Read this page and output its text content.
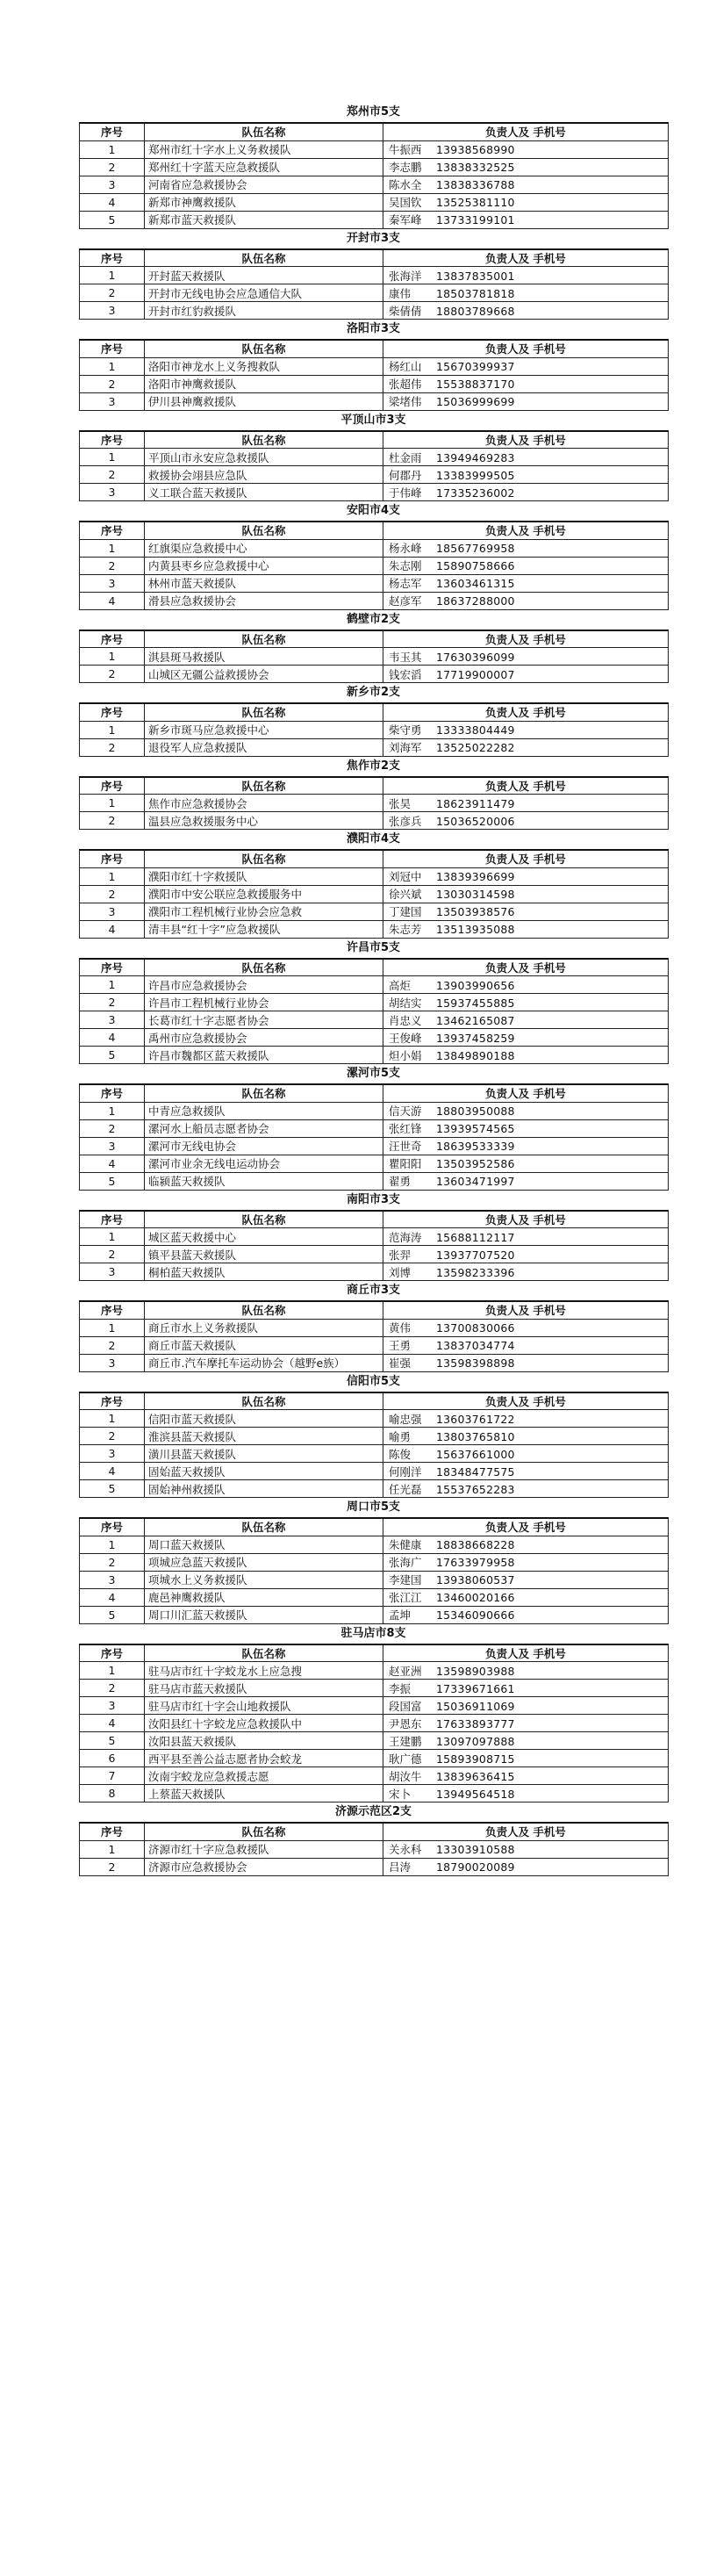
郑州市5支
序号	队伍名称	负责人及 手机号
1	郑州市红十字水上义务救援队	牛振西 13938568990
2	郑州红十字蓝天应急救援队	李志鹏 13838332525
3	河南省应急救援协会	陈水全 13838336788
4	新郑市神鹰救援队	吴国钦 13525381110
5	新郑市蓝天救援队	秦军峰 13733199101
开封市3支
序号	队伍名称	负责人及 手机号
1	开封蓝天救援队	张海洋 13837835001
2	开封市无线电协会应急通信大队	康伟 18503781818
3	开封市红豹救援队	柴倩倩 18803789668
洛阳市3支
序号	队伍名称	负责人及 手机号
1	洛阳市神龙水上义务搜救队	杨红山 15670399937
2	洛阳市神鹰救援队	张超伟 15538837170
3	伊川县神鹰救援队	梁堵伟 15036999699
平顶山市3支
序号	队伍名称	负责人及 手机号
1	平顶山市永安应急救援队	杜金雨 13949469283
2	救援协会翊县应急队	何郡丹 13383999505
3	义工联合蓝天救援队	于伟峰 17335236002
安阳市4支
序号	队伍名称	负责人及 手机号
1	红旗渠应急救援中心	杨永峰 18567769958
2	内黄县枣乡应急救援中心	朱志刚 15890758666
3	林州市蓝天救援队	杨志军 13603461315
4	滑县应急救援协会	赵彦军 18637288000
鹤壁市2支
序号	队伍名称	负责人及 手机号
1	淇县斑马救援队	韦玉其 17630396099
2	山城区无疆公益救援协会	钱宏滔 17719900007
新乡市2支
序号	队伍名称	负责人及 手机号
1	新乡市斑马应急救援中心	柴守勇 13333804449
2	退役军人应急救援队	刘海军 13525022282
焦作市2支
序号	队伍名称	负责人及 手机号
1	焦作市应急救援协会	张昊 18623911479
2	温县应急救援服务中心	张彦兵 15036520006
濮阳市4支
序号	队伍名称	负责人及 手机号
1	濮阳市红十字救援队	刘冠中 13839396699
2	濮阳市中安公联应急救援服务中	徐兴斌 13030314598
3	濮阳市工程机械行业协会应急救	丁建国 13503938576
4	清丰县“红十字”应急救援队	朱志芳 13513935088
许昌市5支
序号	队伍名称	负责人及 手机号
1	许昌市应急救援协会	高炬 13903990656
2	许昌市工程机械行业协会	胡结实 15937455885
3	长葛市红十字志愿者协会	肖忠义 13462165087
4	禹州市应急救援协会	王俊峰 13937458259
5	许昌市魏都区蓝天救援队	炟小娟 13849890188
漯河市5支
序号	队伍名称	负责人及 手机号
1	中青应急救援队	信天游 18803950088
2	漯河水上船员志愿者协会	张红锋 13939574565
3	漯河市无线电协会	汪世奇 18639533339
4	漯河市业余无线电运动协会	瞿阳阳 13503952586
5	临颍蓝天救援队	翟勇 13603471997
南阳市3支
序号	队伍名称	负责人及 手机号
1	城区蓝天救援中心	范海涛 15688112117
2	镇平县蓝天救援队	张羿 13937707520
3	桐柏蓝天救援队	刘博 13598233396
商丘市3支
序号	队伍名称	负责人及 手机号
1	商丘市水上义务救援队	黄伟 13700830066
2	商丘市蓝天救援队	王勇 13837034774
3	商丘市.汽车摩托车运动协会（越野e族）	崔强 13598398898
信阳市5支
序号	队伍名称	负责人及 手机号
1	信阳市蓝天救援队	喻忠强 13603761722
2	淮滨县蓝天救援队	喻勇 13803765810
3	潢川县蓝天救援队	陈俊 15637661000
4	固始蓝天救援队	何刚洋 18348477575
5	固始神州救援队	任光磊 15537652283
周口市5支
序号	队伍名称	负责人及 手机号
1	周口蓝天救援队	朱健康 18838668228
2	项城应急蓝天救援队	张海广 17633979958
3	项城水上义务救援队	李建国 13938060537
4	鹿邑神鹰救援队	张江江 13460020166
5	周口川汇蓝天救援队	孟坤 15346090666
驻马店市8支
序号	队伍名称	负责人及 手机号
1	驻马店市红十字蛟龙水上应急搜	赵亚洲 13598903988
2	驻马店市蓝天救援队	李振 17339671661
3	驻马店市红十字会山地救援队	段国富 15036911069
4	汝阳县红十字蛟龙应急救援队中	尹恩东 17633893777
5	汝阳县蓝天救援队	王建鹏 13097097888
6	西平县至善公益志愿者协会蛟龙	耿广德 15893908715
7	汝南宇蛟龙应急救援志愿	胡汝牛 13839636415
8	上蔡蓝天救援队	宋卜 13949564518
济源示范区2支
序号	队伍名称	负责人及 手机号
1	济源市红十字应急救援队	关永科 13303910588
2	济源市应急救援协会	吕涛 18790020089
